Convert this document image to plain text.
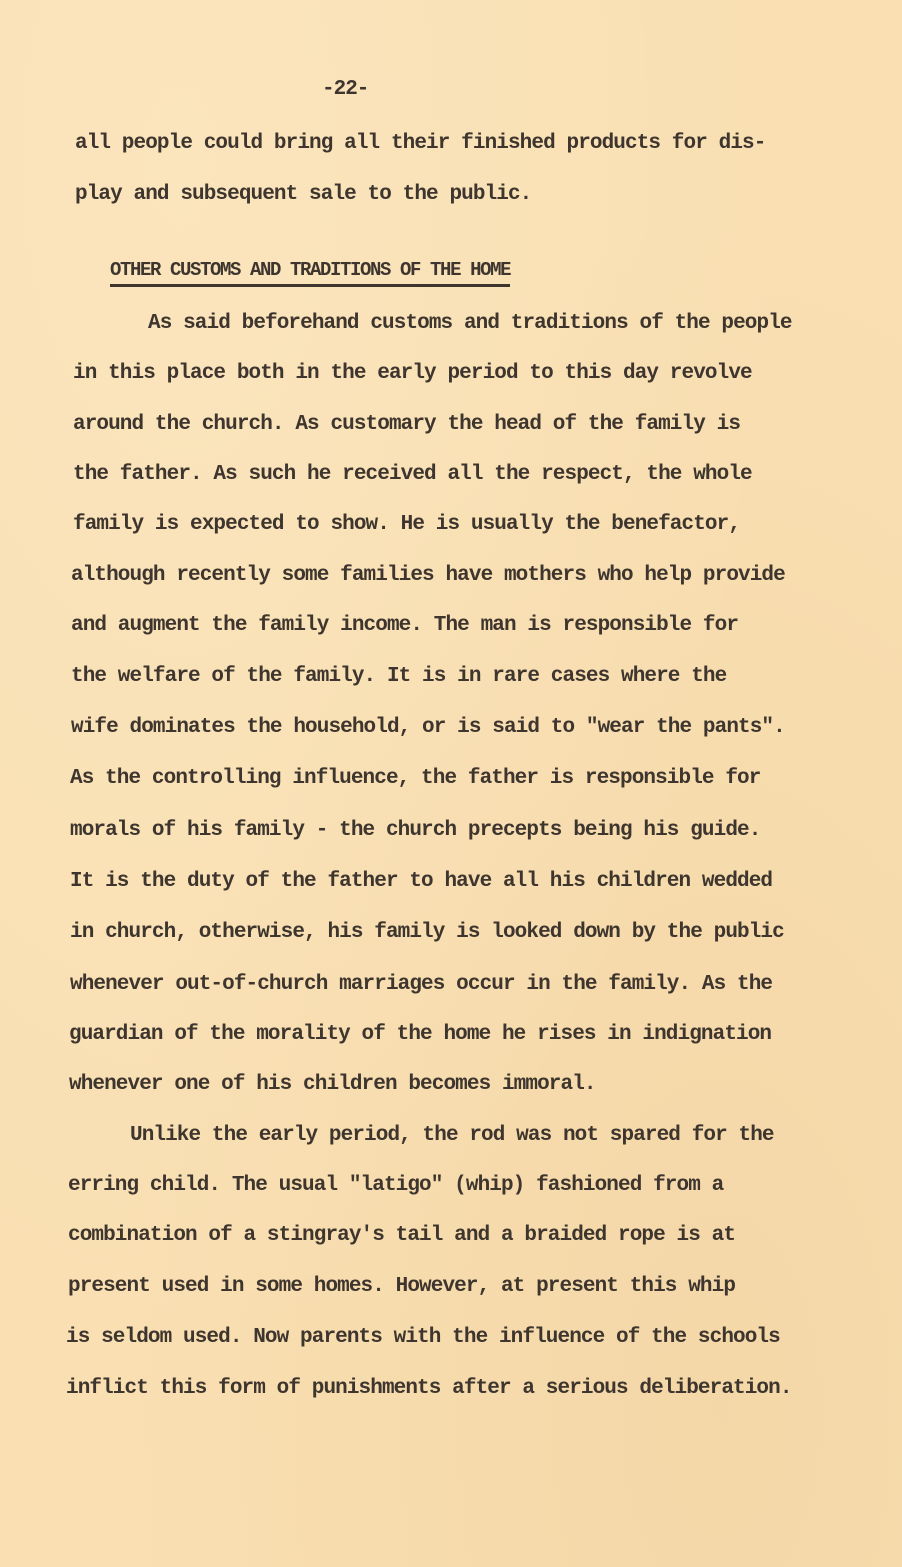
-22-
all people could bring all their finished products for dis-
play and subsequent sale to the public.
OTHER CUSTOMS AND TRADITIONS OF THE HOME
As said beforehand customs and traditions of the people
in this place both in the early period to this day revolve
around the church. As customary the head of the family is
the father. As such he received all the respect, the whole
family is expected to show. He is usually the benefactor,
although recently some families have mothers who help provide
and augment the family income. The man is responsible for
the welfare of the family. It is in rare cases where the
wife dominates the household, or is said to "wear the pants".
As the controlling influence, the father is responsible for
morals of his family - the church precepts being his guide.
It is the duty of the father to have all his children wedded
in church, otherwise, his family is looked down by the public
whenever out-of-church marriages occur in the family. As the
guardian of the morality of the home he rises in indignation
whenever one of his children becomes immoral.
Unlike the early period, the rod was not spared for the
erring child. The usual "latigo" (whip) fashioned from a
combination of a stingray's tail and a braided rope is at
present used in some homes. However, at present this whip
is seldom used. Now parents with the influence of the schools
inflict this form of punishments after a serious deliberation.
